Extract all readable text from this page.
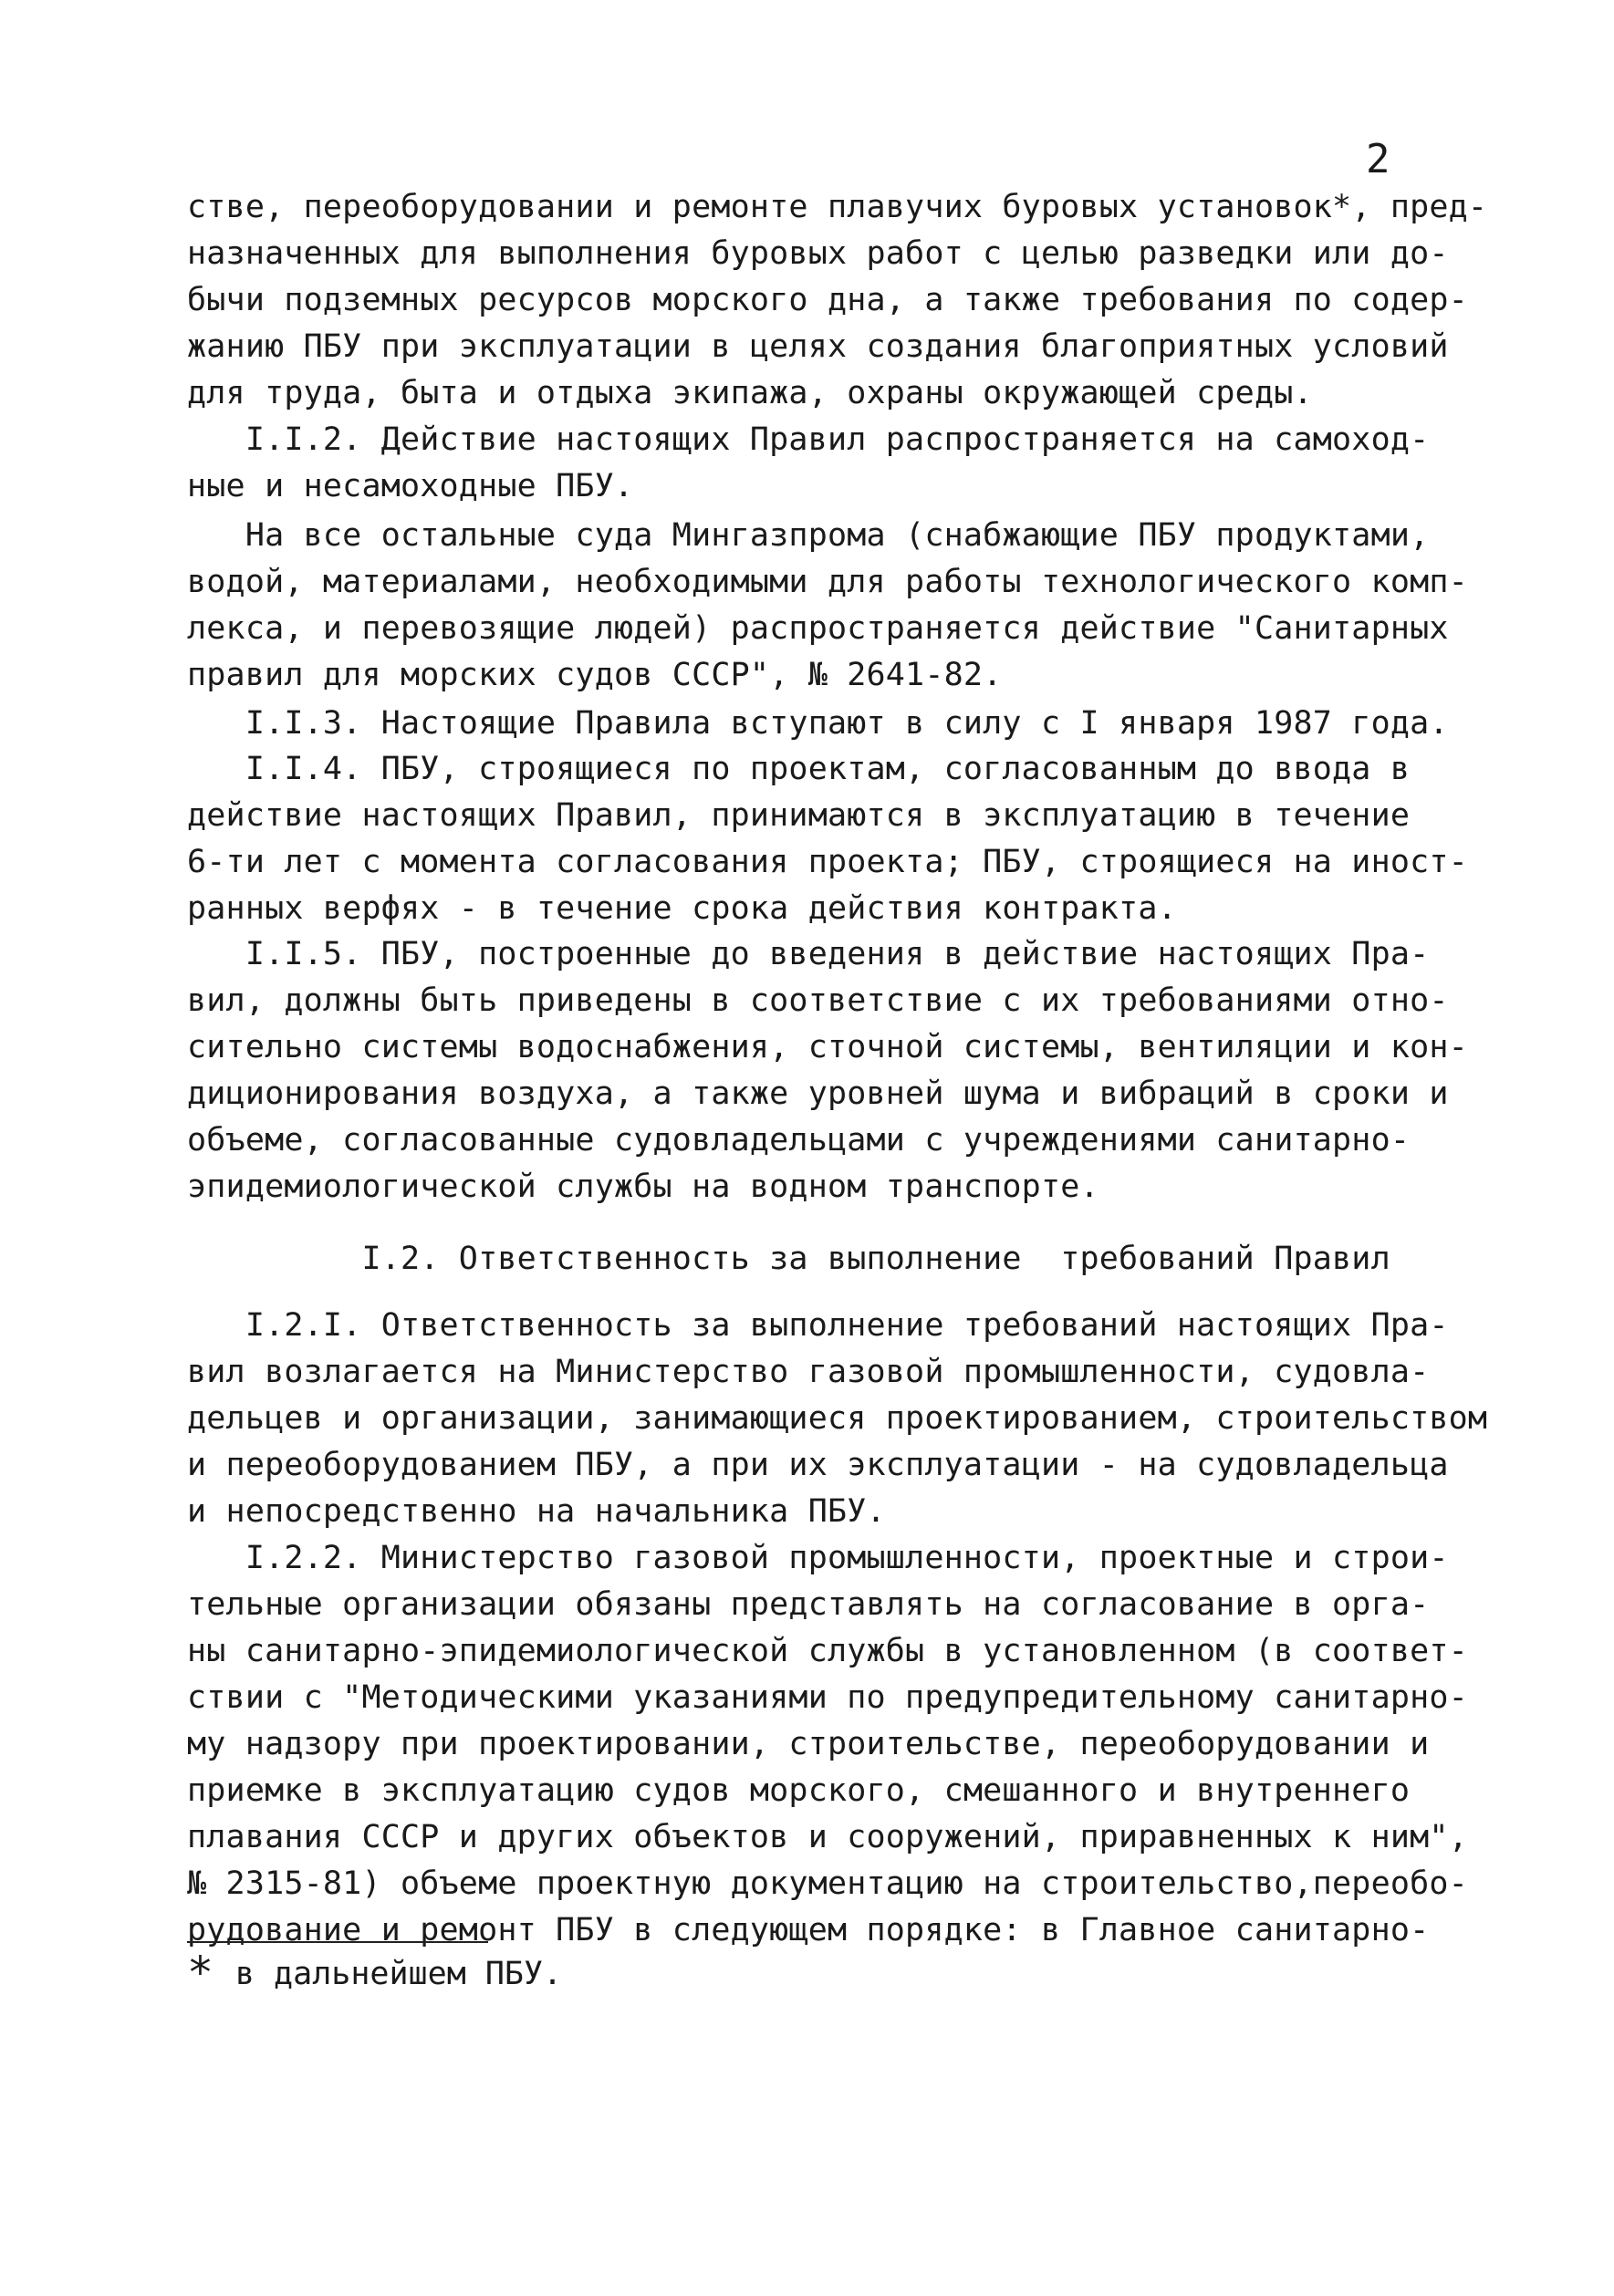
2
стве, переоборудовании и ремонте плавучих буровых установок*, пред-
назначенных для выполнения буровых работ с целью разведки или до-
бычи подземных ресурсов морского дна, а также требования по содер-
жанию ПБУ при эксплуатации в целях создания благоприятных условий
для труда, быта и отдыха экипажа, охраны окружающей среды.
I.I.2. Действие настоящих Правил распространяется на самоход-
ные и несамоходные ПБУ.
На все остальные суда Мингазпрома (снабжающие ПБУ продуктами,
водой, материалами, необходимыми для работы технологического комп-
лекса, и перевозящие людей) распространяется действие "Санитарных
правил для морских судов СССР", № 2641-82.
I.I.3. Настоящие Правила вступают в силу с I января 1987 года.
I.I.4. ПБУ, строящиеся по проектам, согласованным до ввода в
действие настоящих Правил, принимаются в эксплуатацию в течение
6-ти лет с момента согласования проекта; ПБУ, строящиеся на иност-
ранных верфях - в течение срока действия контракта.
I.I.5. ПБУ, построенные до введения в действие настоящих Пра-
вил, должны быть приведены в соответствие с их требованиями отно-
сительно системы водоснабжения, сточной системы, вентиляции и кон-
диционирования воздуха, а также уровней шума и вибраций в сроки и
объеме, согласованные судовладельцами с учреждениями санитарно-
эпидемиологической службы на водном транспорте.
I.2. Ответственность за выполнение  требований Правил
I.2.I. Ответственность за выполнение требований настоящих Пра-
вил возлагается на Министерство газовой промышленности, судовла-
дельцев и организации, занимающиеся проектированием, строительством
и переоборудованием ПБУ, а при их эксплуатации - на судовладельца
и непосредственно на начальника ПБУ.
I.2.2. Министерство газовой промышленности, проектные и строи-
тельные организации обязаны представлять на согласование в орга-
ны санитарно-эпидемиологической службы в установленном (в соответ-
ствии с "Методическими указаниями по предупредительному санитарно-
му надзору при проектировании, строительстве, переоборудовании и
приемке в эксплуатацию судов морского, смешанного и внутреннего
плавания СССР и других объектов и сооружений, приравненных к ним",
№ 2315-81) объеме проектную документацию на строительство,переобо-
рудование и ремонт ПБУ в следующем порядке: в Главное санитарно-
* в дальнейшем ПБУ.
